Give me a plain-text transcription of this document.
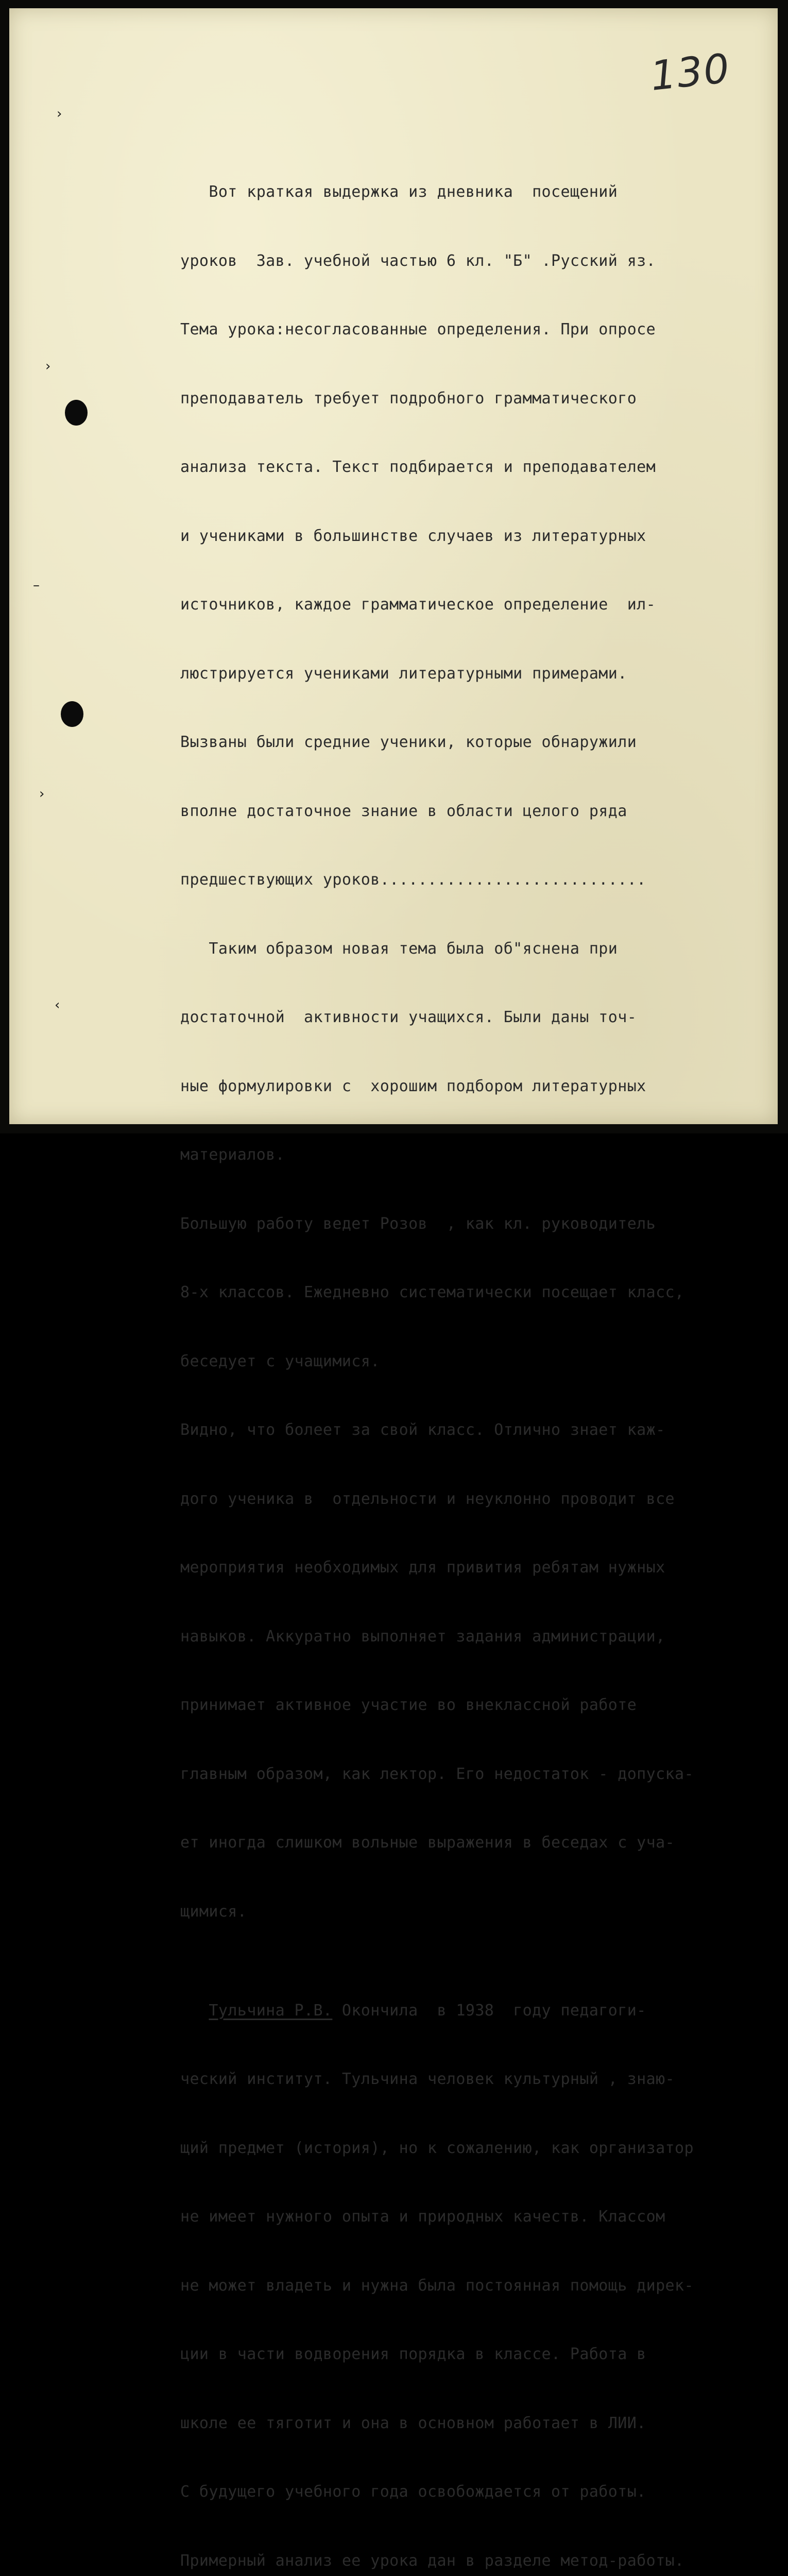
130
›
›
–
›
‹

Вот краткая выдержка из дневника  посещений

уроков  Зав. учебной частью 6 кл. "Б" .Русский яз.

Тема урока:несогласованные определения. При опросе

преподаватель требует подробного грамматического

анализа текста. Текст подбирается и преподавателем

и учениками в большинстве случаев из литературных

источников, каждое грамматическое определение  ил-

люстрируется учениками литературными примерами.

Вызваны были средние ученики, которые обнаружили

вполне достаточное знание в области целого ряда

предшествующих уроков............................

Таким образом новая тема была об"яснена при

достаточной  активности учащихся. Были даны точ-

ные формулировки с  хорошим подбором литературных

материалов.

Большую работу ведет Розов  , как кл. руководитель

8-х классов. Ежедневно систематически посещает класс,

беседует с учащимися.

Видно, что болеет за свой класс. Отлично знает каж-

дого ученика в  отдельности и неуклонно проводит все

мероприятия необходимых для привития ребятам нужных

навыков. Аккуратно выполняет задания администрации,

принимает активное участие во внеклассной работе

главным образом, как лектор. Его недостаток - допуска-

ет иногда слишком вольные выражения в беседах с уча-

щимися.

Тульчина Р.В. Окончила  в 1938  году педагоги-

ческий институт. Тульчина человек культурный , знаю-

щий предмет (история), но к сожалению, как организатор

не имеет нужного опыта и природных качеств. Классом

не может владеть и нужна была постоянная помощь дирек-

ции в части водворения порядка в классе. Работа в

школе ее тяготит и она в основном работает в ЛИИ.

С будущего учебного года освобождается от работы.

Примерный анализ ее урока дан в разделе метод-работы.
